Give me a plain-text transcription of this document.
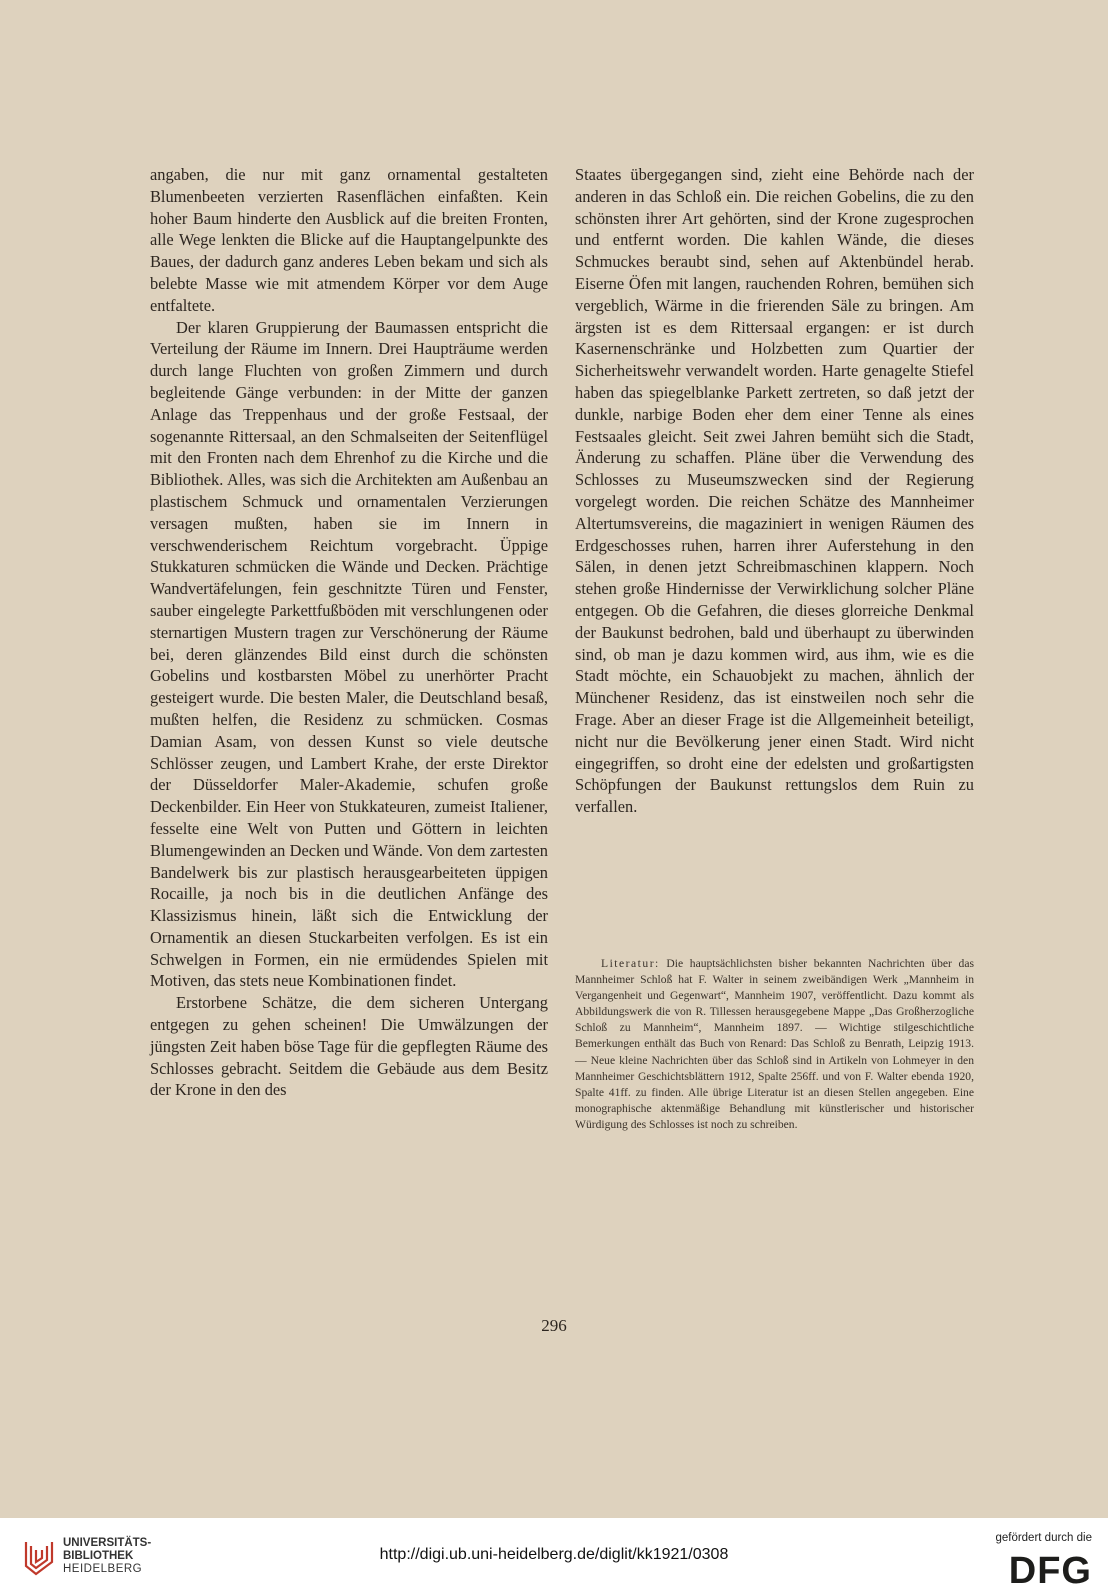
angaben, die nur mit ganz ornamental gestalteten Blumenbeeten verzierten Rasenflächen einfaßten. Kein hoher Baum hinderte den Ausblick auf die breiten Fronten, alle Wege lenkten die Blicke auf die Hauptangelpunkte des Baues, der dadurch ganz anderes Leben bekam und sich als belebte Masse wie mit atmendem Körper vor dem Auge entfaltete.

Der klaren Gruppierung der Baumassen entspricht die Verteilung der Räume im Innern. Drei Haupträume werden durch lange Fluchten von großen Zimmern und durch begleitende Gänge verbunden: in der Mitte der ganzen Anlage das Treppenhaus und der große Festsaal, der sogenannte Rittersaal, an den Schmalseiten der Seitenflügel mit den Fronten nach dem Ehrenhof zu die Kirche und die Bibliothek. Alles, was sich die Architekten am Außenbau an plastischem Schmuck und ornamentalen Verzierungen versagen mußten, haben sie im Innern in verschwenderischem Reichtum vorgebracht. Üppige Stukkaturen schmücken die Wände und Decken. Prächtige Wandvertäfelungen, fein geschnitzte Türen und Fenster, sauber eingelegte Parkettfußböden mit verschlungenen oder sternartigen Mustern tragen zur Verschönerung der Räume bei, deren glänzendes Bild einst durch die schönsten Gobelins und kostbarsten Möbel zu unerhörter Pracht gesteigert wurde. Die besten Maler, die Deutschland besaß, mußten helfen, die Residenz zu schmücken. Cosmas Damian Asam, von dessen Kunst so viele deutsche Schlösser zeugen, und Lambert Krahe, der erste Direktor der Düsseldorfer Maler-Akademie, schufen große Deckenbilder. Ein Heer von Stukkateuren, zumeist Italiener, fesselte eine Welt von Putten und Göttern in leichten Blumengewinden an Decken und Wände. Von dem zartesten Bandelwerk bis zur plastisch herausgearbeiteten üppigen Rocaille, ja noch bis in die deutlichen Anfänge des Klassizismus hinein, läßt sich die Entwicklung der Ornamentik an diesen Stuckarbeiten verfolgen. Es ist ein Schwelgen in Formen, ein nie ermüdendes Spielen mit Motiven, das stets neue Kombinationen findet.

Erstorbene Schätze, die dem sicheren Untergang entgegen zu gehen scheinen! Die Umwälzungen der jüngsten Zeit haben böse Tage für die gepflegten Räume des Schlosses gebracht. Seitdem die Gebäude aus dem Besitz der Krone in den des

Staates übergegangen sind, zieht eine Behörde nach der anderen in das Schloß ein. Die reichen Gobelins, die zu den schönsten ihrer Art gehörten, sind der Krone zugesprochen und entfernt worden. Die kahlen Wände, die dieses Schmuckes beraubt sind, sehen auf Aktenbündel herab. Eiserne Öfen mit langen, rauchenden Rohren, bemühen sich vergeblich, Wärme in die frierenden Säle zu bringen. Am ärgsten ist es dem Rittersaal ergangen: er ist durch Kasernenschränke und Holzbetten zum Quartier der Sicherheitswehr verwandelt worden. Harte genagelte Stiefel haben das spiegelblanke Parkett zertreten, so daß jetzt der dunkle, narbige Boden eher dem einer Tenne als eines Festsaales gleicht. Seit zwei Jahren bemüht sich die Stadt, Änderung zu schaffen. Pläne über die Verwendung des Schlosses zu Museumszwecken sind der Regierung vorgelegt worden. Die reichen Schätze des Mannheimer Altertumsvereins, die magaziniert in wenigen Räumen des Erdgeschosses ruhen, harren ihrer Auferstehung in den Sälen, in denen jetzt Schreibmaschinen klappern. Noch stehen große Hindernisse der Verwirklichung solcher Pläne entgegen. Ob die Gefahren, die dieses glorreiche Denkmal der Baukunst bedrohen, bald und überhaupt zu überwinden sind, ob man je dazu kommen wird, aus ihm, wie es die Stadt möchte, ein Schauobjekt zu machen, ähnlich der Münchener Residenz, das ist einstweilen noch sehr die Frage. Aber an dieser Frage ist die Allgemeinheit beteiligt, nicht nur die Bevölkerung jener einen Stadt. Wird nicht eingegriffen, so droht eine der edelsten und großartigsten Schöpfungen der Baukunst rettungslos dem Ruin zu verfallen.

Literatur: Die hauptsächlichsten bisher bekannten Nachrichten über das Mannheimer Schloß hat F. Walter in seinem zweibändigen Werk „Mannheim in Vergangenheit und Gegenwart“, Mannheim 1907, veröffentlicht. Dazu kommt als Abbildungswerk die von R. Tillessen herausgegebene Mappe „Das Großherzogliche Schloß zu Mannheim“, Mannheim 1897. — Wichtige stilgeschichtliche Bemerkungen enthält das Buch von Renard: Das Schloß zu Benrath, Leipzig 1913. — Neue kleine Nachrichten über das Schloß sind in Artikeln von Lohmeyer in den Mannheimer Geschichtsblättern 1912, Spalte 256ff. und von F. Walter ebenda 1920, Spalte 41ff. zu finden. Alle übrige Literatur ist an diesen Stellen angegeben. Eine monographische aktenmäßige Behandlung mit künstlerischer und historischer Würdigung des Schlosses ist noch zu schreiben.
296
UNIVERSITÄTS-
BIBLIOTHEK
HEIDELBERG
http://digi.ub.uni-heidelberg.de/diglit/kk1921/0308
gefördert durch die
DFG
